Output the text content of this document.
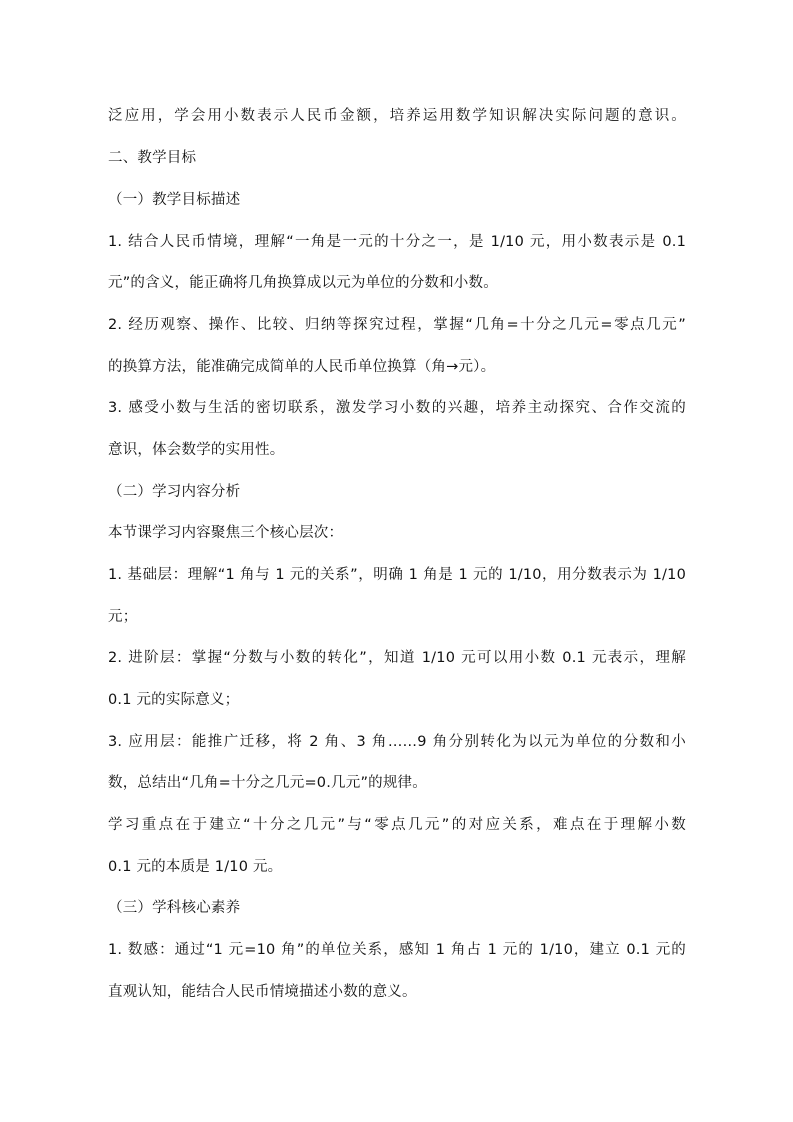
泛应用，学会用小数表示人民币金额，培养运用数学知识解决实际问题的意识。
二、教学目标
（一）教学目标描述
1. 结合人民币情境，理解“一角是一元的十分之一，是 1/10 元，用小数表示是 0.1
元”的含义，能正确将几角换算成以元为单位的分数和小数。
2. 经历观察、操作、比较、归纳等探究过程，掌握“几角=十分之几元=零点几元”
的换算方法，能准确完成简单的人民币单位换算（角→元）。
3. 感受小数与生活的密切联系，激发学习小数的兴趣，培养主动探究、合作交流的
意识，体会数学的实用性。
（二）学习内容分析
本节课学习内容聚焦三个核心层次：
1. 基础层：理解“1 角与 1 元的关系”，明确 1 角是 1 元的 1/10，用分数表示为 1/10
元；
2. 进阶层：掌握“分数与小数的转化”，知道 1/10 元可以用小数 0.1 元表示，理解
0.1 元的实际意义；
3. 应用层：能推广迁移，将 2 角、3 角……9 角分别转化为以元为单位的分数和小
数，总结出“几角=十分之几元=0.几元”的规律。
学习重点在于建立“十分之几元”与“零点几元”的对应关系，难点在于理解小数
0.1 元的本质是 1/10 元。
（三）学科核心素养
1. 数感：通过“1 元=10 角”的单位关系，感知 1 角占 1 元的 1/10，建立 0.1 元的
直观认知，能结合人民币情境描述小数的意义。
